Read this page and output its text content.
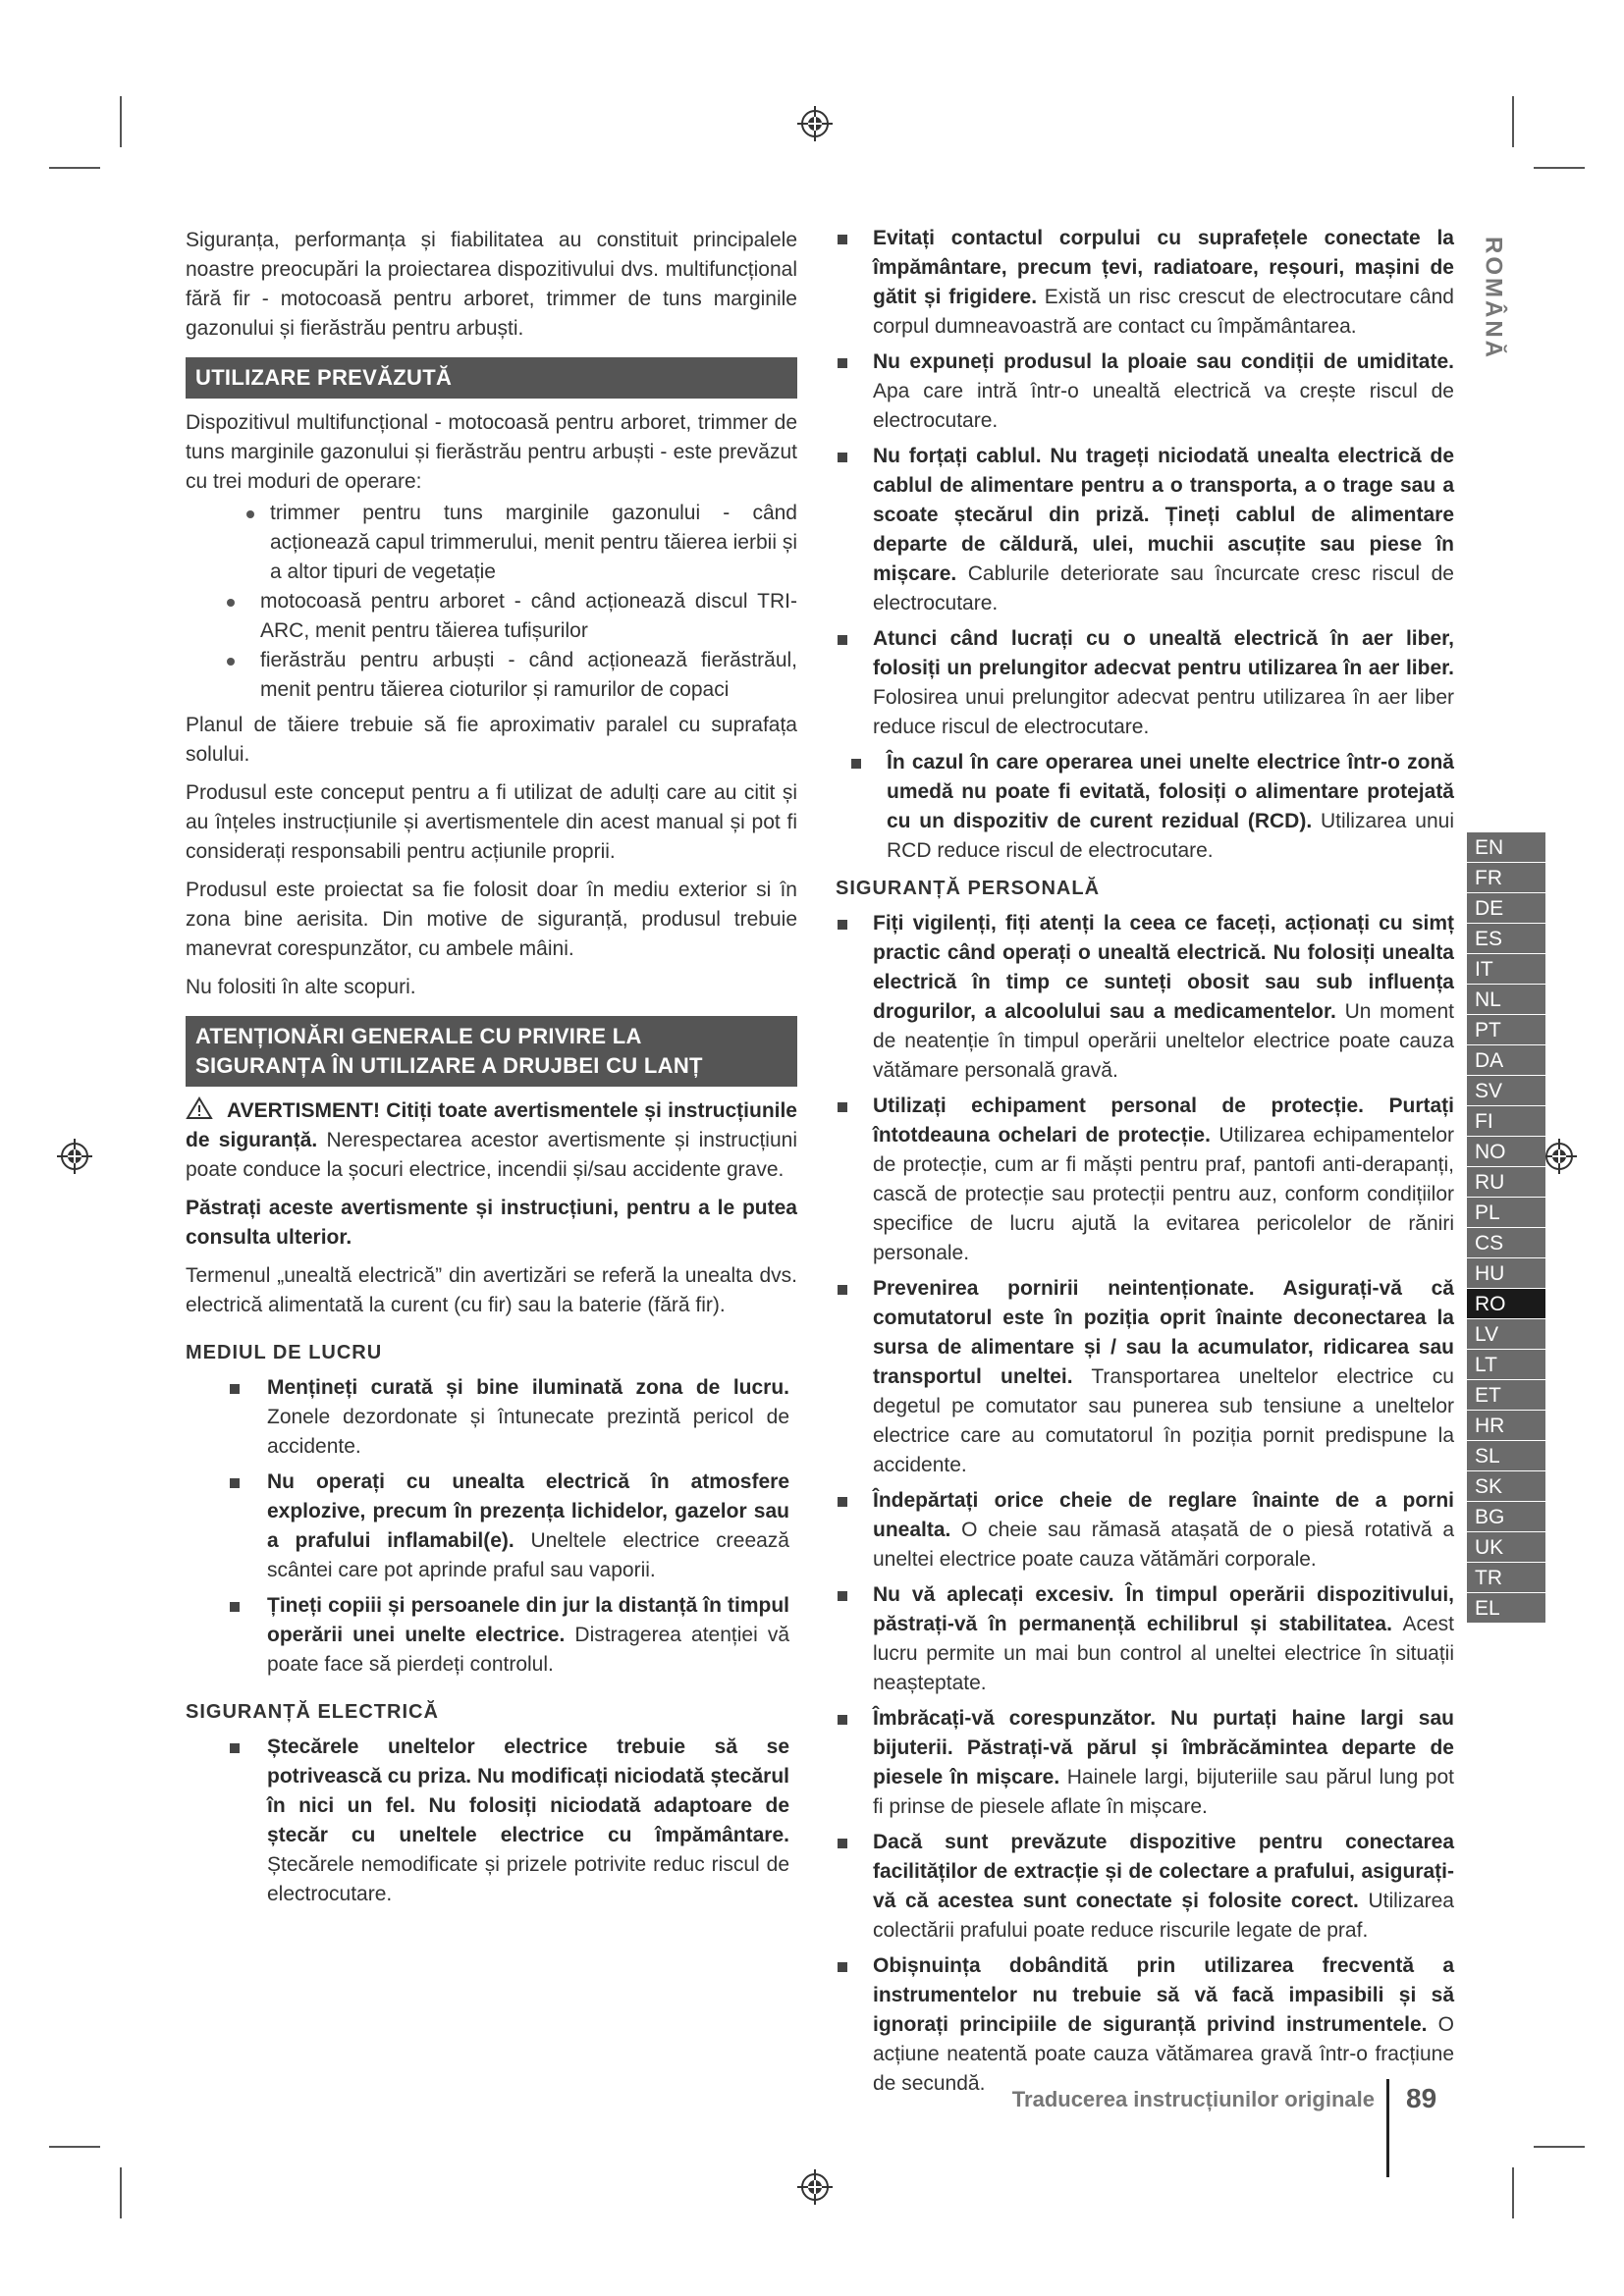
Siguranța, performanța și fiabilitatea au constituit principalele noastre preocupări la proiectarea dispozitivului dvs. multifuncțional fără fir - motocoasă pentru arboret, trimmer de tuns marginile gazonului și fierăstrău pentru arbuști.

UTILIZARE PREVĂZUTĂ

Dispozitivul multifuncțional - motocoasă pentru arboret, trimmer de tuns marginile gazonului și fierăstrău pentru arbuști - este prevăzut cu trei moduri de operare:

trimmer pentru tuns marginile gazonului - când acționează capul trimmerului, menit pentru tăierea ierbii și a altor tipuri de vegetație
motocoasă pentru arboret - când acționează discul TRI-ARC, menit pentru tăierea tufișurilor
fierăstrău pentru arbuști - când acționează fierăstrăul, menit pentru tăierea cioturilor și ramurilor de copaci

Planul de tăiere trebuie să fie aproximativ paralel cu suprafața solului.

Produsul este conceput pentru a fi utilizat de adulți care au citit și au înțeles instrucțiunile și avertismentele din acest manual și pot fi considerați responsabili pentru acțiunile proprii.

Produsul este proiectat sa fie folosit doar în mediu exterior si în zona bine aerisita. Din motive de siguranță, produsul trebuie manevrat corespunzător, cu ambele mâini.

Nu folositi în alte scopuri.

ATENȚIONĂRI GENERALE CU PRIVIRE LA
SIGURANȚA ÎN UTILIZARE A DRUJBEI CU LANȚ

AVERTISMENT! Citiți toate avertismentele și instrucțiunile de siguranță. Nerespectarea acestor avertismente și instrucțiuni poate conduce la șocuri electrice, incendii și/sau accidente grave.

Păstrați aceste avertismente și instrucțiuni, pentru a le putea consulta ulterior.

Termenul „unealtă electrică” din avertizări se referă la unealta dvs. electrică alimentată la curent (cu fir) sau la baterie (fără fir).

MEDIUL DE LUCRU
Mențineți curată și bine iluminată zona de lucru. Zonele dezordonate și întunecate prezintă pericol de accidente.
Nu operați cu unealta electrică în atmosfere explozive, precum în prezența lichidelor, gazelor sau a prafului inflamabil(e). Uneltele electrice creează scântei care pot aprinde praful sau vaporii.
Țineți copiii și persoanele din jur la distanță în timpul operării unei unelte electrice. Distragerea atenției vă poate face să pierdeți controlul.
SIGURANȚĂ ELECTRICĂ
Ștecărele uneltelor electrice trebuie să se potrivească cu priza. Nu modificați niciodată ștecărul în nici un fel. Nu folosiți niciodată adaptoare de ștecăr cu uneltele electrice cu împământare. Ștecărele nemodificate și prizele potrivite reduc riscul de electrocutare.
Evitați contactul corpului cu suprafețele conectate la împământare, precum țevi, radiatoare, reșouri, mașini de gătit și frigidere. Există un risc crescut de electrocutare când corpul dumneavoastră are contact cu împământarea.
Nu expuneți produsul la ploaie sau condiții de umiditate. Apa care intră într-o unealtă electrică va crește riscul de electrocutare.
Nu forțați cablul. Nu trageți niciodată unealta electrică de cablul de alimentare pentru a o transporta, a o trage sau a scoate ștecărul din priză. Țineți cablul de alimentare departe de căldură, ulei, muchii ascuțite sau piese în mișcare. Cablurile deteriorate sau încurcate cresc riscul de electrocutare.
Atunci când lucrați cu o unealtă electrică în aer liber, folosiți un prelungitor adecvat pentru utilizarea în aer liber. Folosirea unui prelungitor adecvat pentru utilizarea în aer liber reduce riscul de electrocutare.
În cazul în care operarea unei unelte electrice într-o zonă umedă nu poate fi evitată, folosiți o alimentare protejată cu un dispozitiv de curent rezidual (RCD). Utilizarea unui RCD reduce riscul de electrocutare.
SIGURANȚĂ PERSONALĂ
Fiți vigilenți, fiți atenți la ceea ce faceți, acționați cu simț practic când operați o unealtă electrică. Nu folosiți unealta electrică în timp ce sunteți obosit sau sub influența drogurilor, a alcoolului sau a medicamentelor. Un moment de neatenție în timpul operării uneltelor electrice poate cauza vătămare personală gravă.
Utilizați echipament personal de protecție. Purtați întotdeauna ochelari de protecție. Utilizarea echipamentelor de protecție, cum ar fi măști pentru praf, pantofi anti-derapanți, cască de protecție sau protecții pentru auz, conform condițiilor specifice de lucru ajută la evitarea pericolelor de răniri personale.
Prevenirea pornirii neintenționate. Asigurați-vă că comutatorul este în poziția oprit înainte deconectarea la sursa de alimentare și / sau la acumulator, ridicarea sau transportul uneltei. Transportarea uneltelor electrice cu degetul pe comutator sau punerea sub tensiune a uneltelor electrice care au comutatorul în poziția pornit predispune la accidente.
Îndepărtați orice cheie de reglare înainte de a porni unealta. O cheie sau rămasă atașată de o piesă rotativă a uneltei electrice poate cauza vătămări corporale.
Nu vă aplecați excesiv. În timpul operării dispozitivului, păstrați-vă în permanență echilibrul și stabilitatea. Acest lucru permite un mai bun control al uneltei electrice în situații neașteptate.
Îmbrăcați-vă corespunzător. Nu purtați haine largi sau bijuterii. Păstrați-vă părul și îmbrăcămintea departe de piesele în mișcare. Hainele largi, bijuteriile sau părul lung pot fi prinse de piesele aflate în mișcare.
Dacă sunt prevăzute dispozitive pentru conectarea facilităților de extracție și de colectare a prafului, asigurați-vă că acestea sunt conectate și folosite corect. Utilizarea colectării prafului poate reduce riscurile legate de praf.
Obișnuința dobândită prin utilizarea frecventă a instrumentelor nu trebuie să vă facă impasibili și să ignorați principiile de siguranță privind instrumentele. O acțiune neatentă poate cauza vătămarea gravă într-o fracțiune de secundă.
ROMÂNĂ
EN
FR
DE
ES
IT
NL
PT
DA
SV
FI
NO
RU
PL
CS
HU
RO
LV
LT
ET
HR
SL
SK
BG
UK
TR
EL
Traducerea instrucțiunilor originale 89
